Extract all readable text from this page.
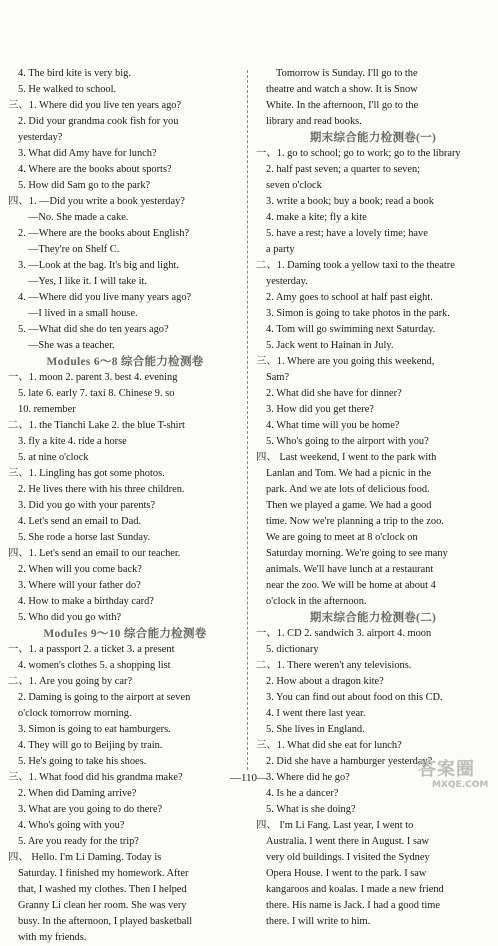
4. The bird kite is very big.
5. He walked to school.
三、1. Where did you live ten years ago?
2. Did your grandma cook fish for you
yesterday?
3. What did Amy have for lunch?
4. Where are the books about sports?
5. How did Sam go to the park?
四、1. —Did you write a book yesterday?
—No. She made a cake.
2. —Where are the books about English?
—They're on Shelf C.
3. —Look at the bag. It's big and light.
—Yes, I like it. I will take it.
4. —Where did you live many years ago?
—I lived in a small house.
5. —What did she do ten years ago?
—She was a teacher.
Modules 6～8 综合能力检测卷
一、1. moon 2. parent 3. best 4. evening
5. late 6. early 7. taxi 8. Chinese 9. so
10. remember
二、1. the Tianchi Lake 2. the blue T-shirt
3. fly a kite 4. ride a horse
5. at nine o'clock
三、1. Lingling has got some photos.
2. He lives there with his three children.
3. Did you go with your parents?
4. Let's send an email to Dad.
5. She rode a horse last Sunday.
四、1. Let's send an email to our teacher.
2. When will you come back?
3. Where will your father do?
4. How to make a birthday card?
5. Who did you go with?
Modules 9～10 综合能力检测卷
一、1. a passport 2. a ticket 3. a present
4. women's clothes 5. a shopping list
二、1. Are you going by car?
2. Daming is going to the airport at seven
o'clock tomorrow morning.
3. Simon is going to eat hamburgers.
4. They will go to Beijing by train.
5. He's going to take his shoes.
三、1. What food did his grandma make?
2. When did Daming arrive?
3. What are you going to do there?
4. Who's going with you?
5. Are you ready for the trip?
四、 Hello. I'm Li Daming. Today is
Saturday. I finished my homework. After
that, I washed my clothes. Then I helped
Granny Li clean her room. She was very
busy. In the afternoon, I played basketball
with my friends.
Tomorrow is Sunday. I'll go to the
theatre and watch a show. It is Snow
White. In the afternoon, I'll go to the
library and read books.
期末综合能力检测卷(一)
一、1. go to school; go to work; go to the library
2. half past seven; a quarter to seven;
seven o'clock
3. write a book; buy a book; read a book
4. make a kite; fly a kite
5. have a rest; have a lovely time; have
a party
二、1. Daming took a yellow taxi to the theatre
yesterday.
2. Amy goes to school at half past eight.
3. Simon is going to take photos in the park.
4. Tom will go swimming next Saturday.
5. Jack went to Hainan in July.
三、1. Where are you going this weekend,
Sam?
2. What did she have for dinner?
3. How did you get there?
4. What time will you be home?
5. Who's going to the airport with you?
四、 Last weekend, I went to the park with
Lanlan and Tom. We had a picnic in the
park. And we ate lots of delicious food.
Then we played a game. We had a good
time. Now we're planning a trip to the zoo.
We are going to meet at 8 o'clock on
Saturday morning. We're going to see many
animals. We'll have lunch at a restaurant
near the zoo. We will be home at about 4
o'clock in the afternoon.
期末综合能力检测卷(二)
一、1. CD 2. sandwich 3. airport 4. moon
5. dictionary
二、1. There weren't any televisions.
2. How about a dragon kite?
3. You can find out about food on this CD.
4. I went there last year.
5. She lives in England.
三、1. What did she eat for lunch?
2. Did she have a hamburger yesterday?
3. Where did he go?
4. Is he a dancer?
5. What is she doing?
四、 I'm Li Fang. Last year, I went to
Australia. I went there in August. I saw
very old buildings. I visited the Sydney
Opera House. I went to the park. I saw
kangaroos and koalas. I made a new friend
there. His name is Jack. I had a good time
there. I will write to him.
—110—	答案圈
MXQE.COM
